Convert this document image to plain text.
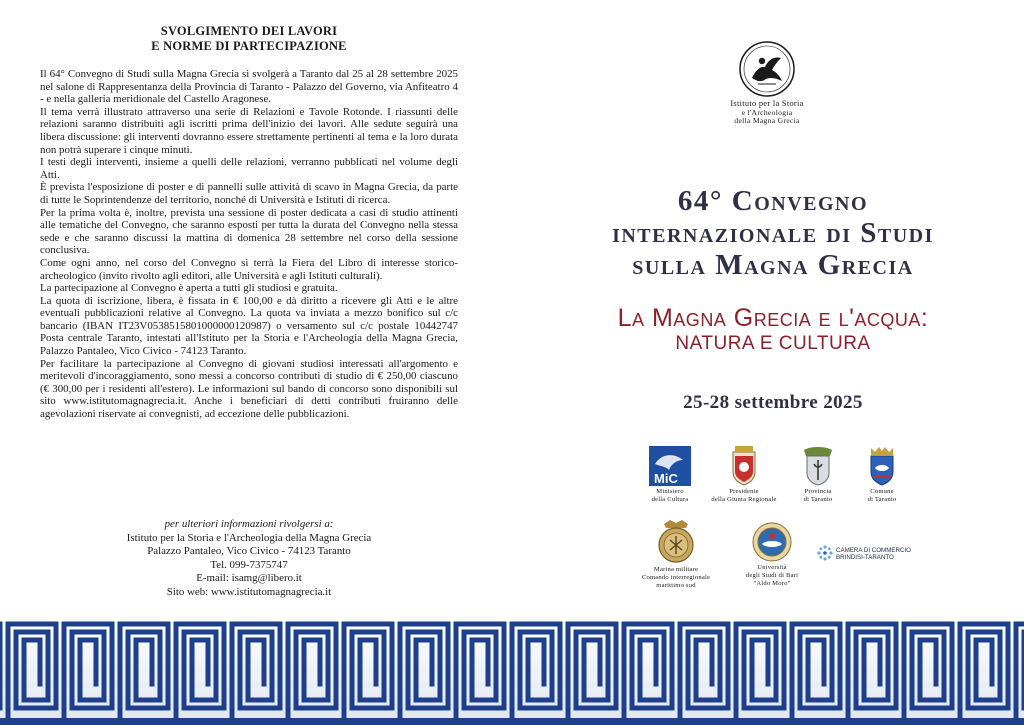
SVOLGIMENTO DEI LAVORI
E NORME DI PARTECIPAZIONE

Il 64° Convegno di Studi sulla Magna Grecia si svolgerà a Taranto dal 25 al 28 settembre 2025 nel salone di Rappresentanza della Provincia di Taranto - Palazzo del Governo, via Anfiteatro 4 - e nella galleria meridionale del Castello Aragonese.

Il tema verrà illustrato attraverso una serie di Relazioni e Tavole Rotonde. I riassunti delle relazioni saranno distribuiti agli iscritti prima dell'inizio dei lavori. Alle sedute seguirà una libera discussione: gli interventi dovranno essere strettamente pertinenti al tema e la loro durata non potrà superare i cinque minuti.

I testi degli interventi, insieme a quelli delle relazioni, verranno pubblicati nel volume degli Atti.

È prevista l'esposizione di poster e di pannelli sulle attività di scavo in Magna Grecia, da parte di tutte le Soprintendenze del territorio, nonché di Università e Istituti di ricerca.

Per la prima volta è, inoltre, prevista una sessione di poster dedicata a casi di studio attinenti alle tematiche del Convegno, che saranno esposti per tutta la durata del Convegno nella stessa sede e che saranno discussi la mattina di domenica 28 settembre nel corso della sessione conclusiva.

Come ogni anno, nel corso del Convegno si terrà la Fiera del Libro di interesse storico-archeologico (invito rivolto agli editori, alle Università e agli Istituti culturali).

La partecipazione al Convegno è aperta a tutti gli studiosi e gratuita.

La quota di iscrizione, libera, è fissata in € 100,00 e dà diritto a ricevere gli Atti e le altre eventuali pubblicazioni relative al Convegno. La quota va inviata a mezzo bonifico sul c/c bancario (IBAN IT23V0538515801000000120987) o versamento sul c/c postale 10442747 Posta centrale Taranto, intestati all'Istituto per la Storia e l'Archeologia della Magna Grecia, Palazzo Pantaleo, Vico Civico - 74123 Taranto.

Per facilitare la partecipazione al Convegno di giovani studiosi interessati all'argomento e meritevoli d'incoraggiamento, sono messi a concorso contributi di studio di € 250,00 ciascuno (€ 300,00 per i residenti all'estero). Le informazioni sul bando di concorso sono disponibili sul sito www.istitutomagnagrecia.it. Anche i beneficiari di detti contributi fruiranno delle agevolazioni riservate ai convegnisti, ad eccezione delle pubblicazioni.

per ulteriori informazioni rivolgersi a:
Istituto per la Storia e l'Archeologia della Magna Grecia
Palazzo Pantaleo, Vico Civico - 74123 Taranto
Tel. 099-7375747
E-mail: isamg@libero.it
Sito web: www.istitutomagnagrecia.it
Istituto per la Storia
e l'Archeologia
della Magna Grecia
64° Convegno
internazionale di Studi
sulla Magna Grecia
La Magna Grecia e l'acqua:
NATURA E CULTURA
25-28 settembre 2025
MiC
Ministero
della Cultura
Presidente
della Giunta Regionale
Provincia
di Taranto
Comune
di Taranto
Marina militare
Comando interregionale
marittimo sud
Università
degli Studi di Bari
"Aldo Moro"
CAMERA DI COMMERCIO
BRINDISI-TARANTO
